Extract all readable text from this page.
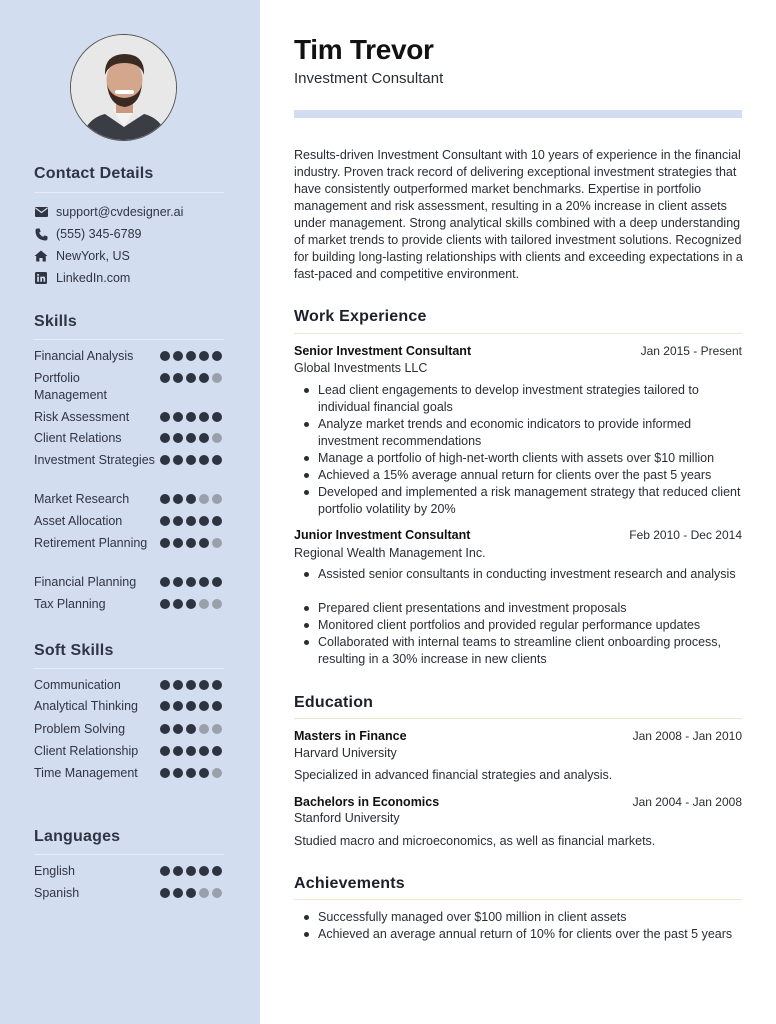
Contact Details
support@cvdesigner.ai
(555) 345-6789
NewYork, US
LinkedIn.com
Skills
Financial Analysis
Portfolio Management
Risk Assessment
Client Relations
Investment Strategies
Market Research
Asset Allocation
Retirement Planning
Financial Planning
Tax Planning
Soft Skills
Communication
Analytical Thinking
Problem Solving
Client Relationship
Time Management
Languages
English
Spanish
Tim Trevor
Investment Consultant
Results-driven Investment Consultant with 10 years of experience in the financial industry. Proven track record of delivering exceptional investment strategies that have consistently outperformed market benchmarks. Expertise in portfolio management and risk assessment, resulting in a 20% increase in client assets under management. Strong analytical skills combined with a deep understanding of market trends to provide clients with tailored investment solutions. Recognized for building long-lasting relationships with clients and exceeding expectations in a fast-paced and competitive environment.
Work Experience
Senior Investment Consultant	Jan 2015 - Present
Global Investments LLC
Lead client engagements to develop investment strategies tailored to individual financial goals
Analyze market trends and economic indicators to provide informed investment recommendations
Manage a portfolio of high-net-worth clients with assets over $10 million
Achieved a 15% average annual return for clients over the past 5 years
Developed and implemented a risk management strategy that reduced client portfolio volatility by 20%
Junior Investment Consultant	Feb 2010 - Dec 2014
Regional Wealth Management Inc.
Assisted senior consultants in conducting investment research and analysis
Prepared client presentations and investment proposals
Monitored client portfolios and provided regular performance updates
Collaborated with internal teams to streamline client onboarding process, resulting in a 30% increase in new clients
Education
Masters in Finance	Jan 2008 - Jan 2010
Harvard University
Specialized in advanced financial strategies and analysis.
Bachelors in Economics	Jan 2004 - Jan 2008
Stanford University
Studied macro and microeconomics, as well as financial markets.
Achievements
Successfully managed over $100 million in client assets
Achieved an average annual return of 10% for clients over the past 5 years
